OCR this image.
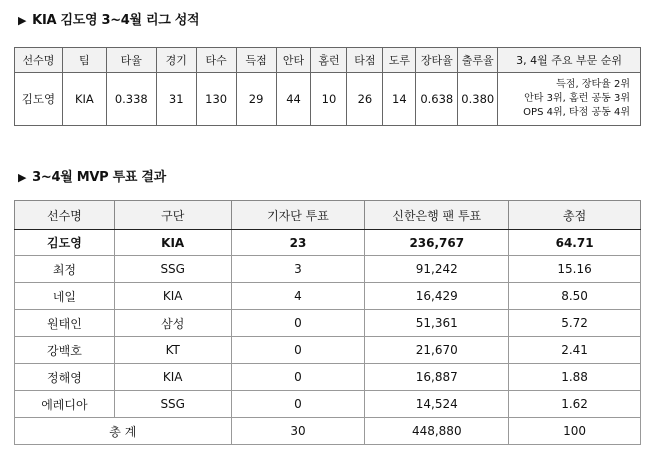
▶ KIA 김도영 3~4월 리그 성적
선수명	팀	타율	경기	타수	득점	안타	홈런	타점	도루	장타율	출루율	3, 4월 주요 부문 순위
김도영	KIA	0.338	31	130	29	44	10	26	14	0.638	0.380	득점, 장타율 2위
안타 3위, 홈런 공동 3위
OPS 4위, 타점 공동 4위
▶ 3~4월 MVP 투표 결과
선수명	구단	기자단 투표	신한은행 팬 투표	총점
김도영	KIA	23	236,767	64.71
최정	SSG	3	91,242	15.16
네일	KIA	4	16,429	8.50
원태인	삼성	0	51,361	5.72
강백호	KT	0	21,670	2.41
정해영	KIA	0	16,887	1.88
에레디아	SSG	0	14,524	1.62
총 계		30	448,880	100
